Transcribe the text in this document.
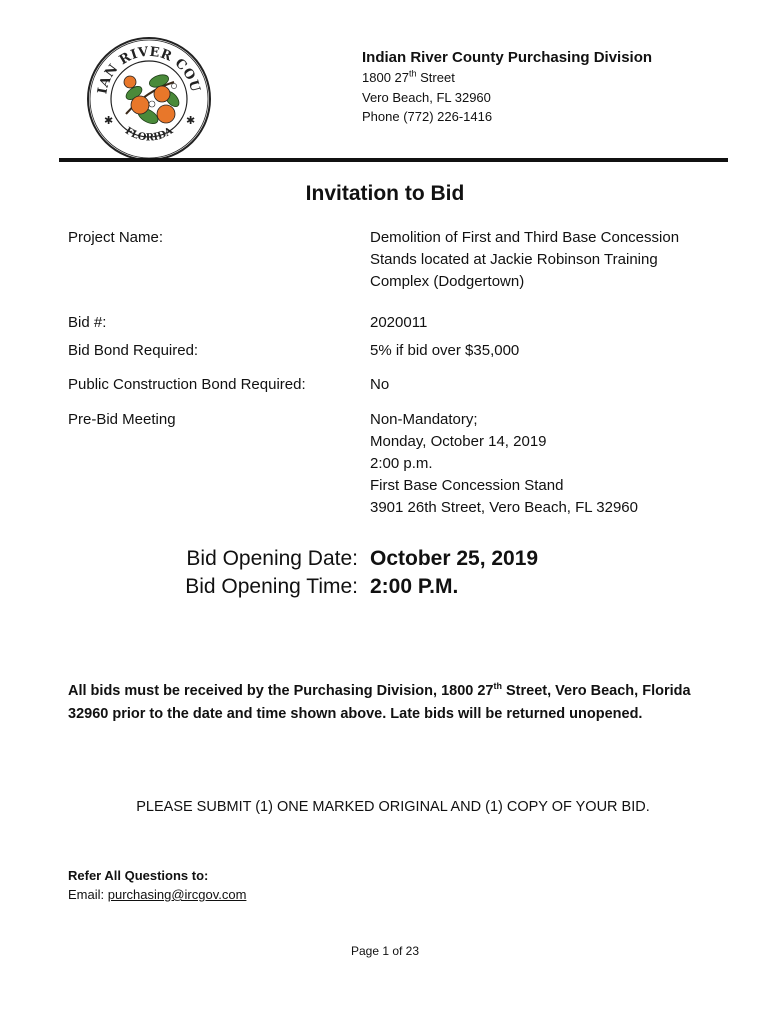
IAN RIVER COU
FLORIDA
✱	✱
Indian River County Purchasing Division
1800 27th Street
Vero Beach, FL 32960
Phone (772) 226-1416
Invitation to Bid
Project Name:	Demolition of First and Third Base Concession
Stands located at Jackie Robinson Training
Complex (Dodgertown)
Bid #:	2020011
Bid Bond Required:	5% if bid over $35,000
Public Construction Bond Required:	No
Pre-Bid Meeting	Non-Mandatory;
Monday, October 14, 2019
2:00 p.m.
First Base Concession Stand
3901 26th Street, Vero Beach, FL 32960
Bid Opening Date: October 25, 2019
Bid Opening Time: 2:00 P.M.
All bids must be received by the Purchasing Division, 1800 27th Street, Vero Beach, Florida 32960 prior to the date and time shown above. Late bids will be returned unopened.
PLEASE SUBMIT (1) ONE MARKED ORIGINAL AND (1) COPY OF YOUR BID.
Refer All Questions to:
Email: purchasing@ircgov.com
Page 1 of 23
